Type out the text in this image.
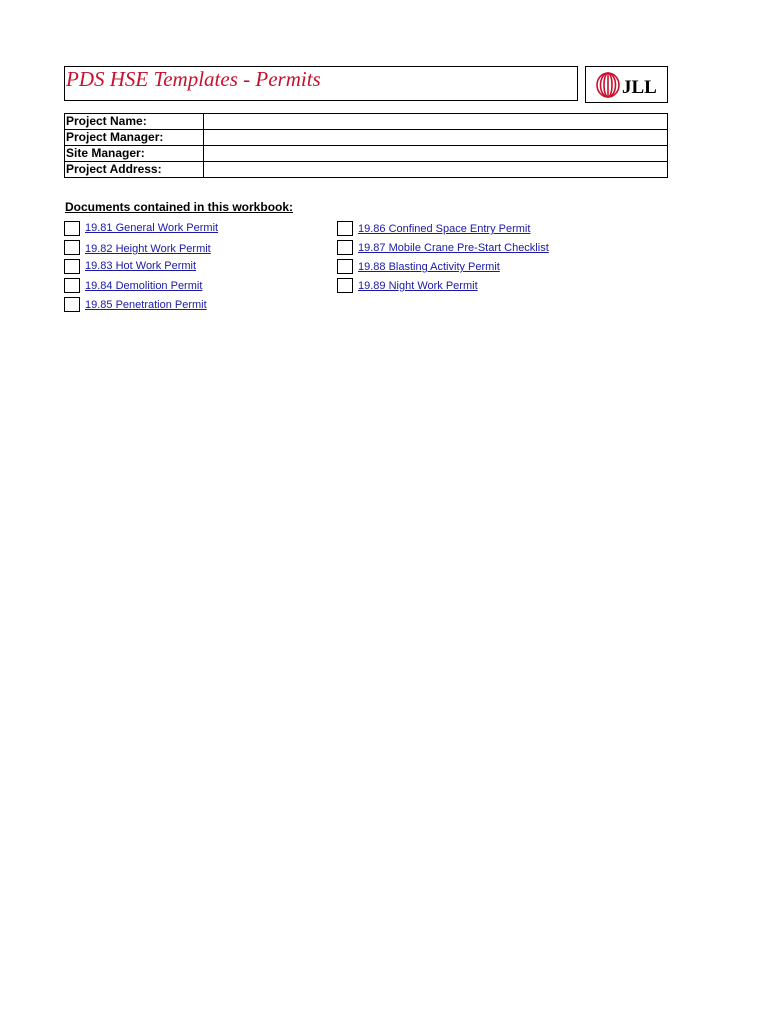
PDS HSE Templates - Permits	JLL
Project Name:	
Project Manager:	
Site Manager:	
Project Address:	
Documents contained in this workbook:
19.81 General Work Permit
19.82 Height Work Permit
19.83 Hot Work Permit
19.84 Demolition Permit
19.85 Penetration Permit
19.86 Confined Space Entry Permit
19.87 Mobile Crane Pre-Start Checklist
19.88 Blasting Activity Permit
19.89 Night Work Permit
